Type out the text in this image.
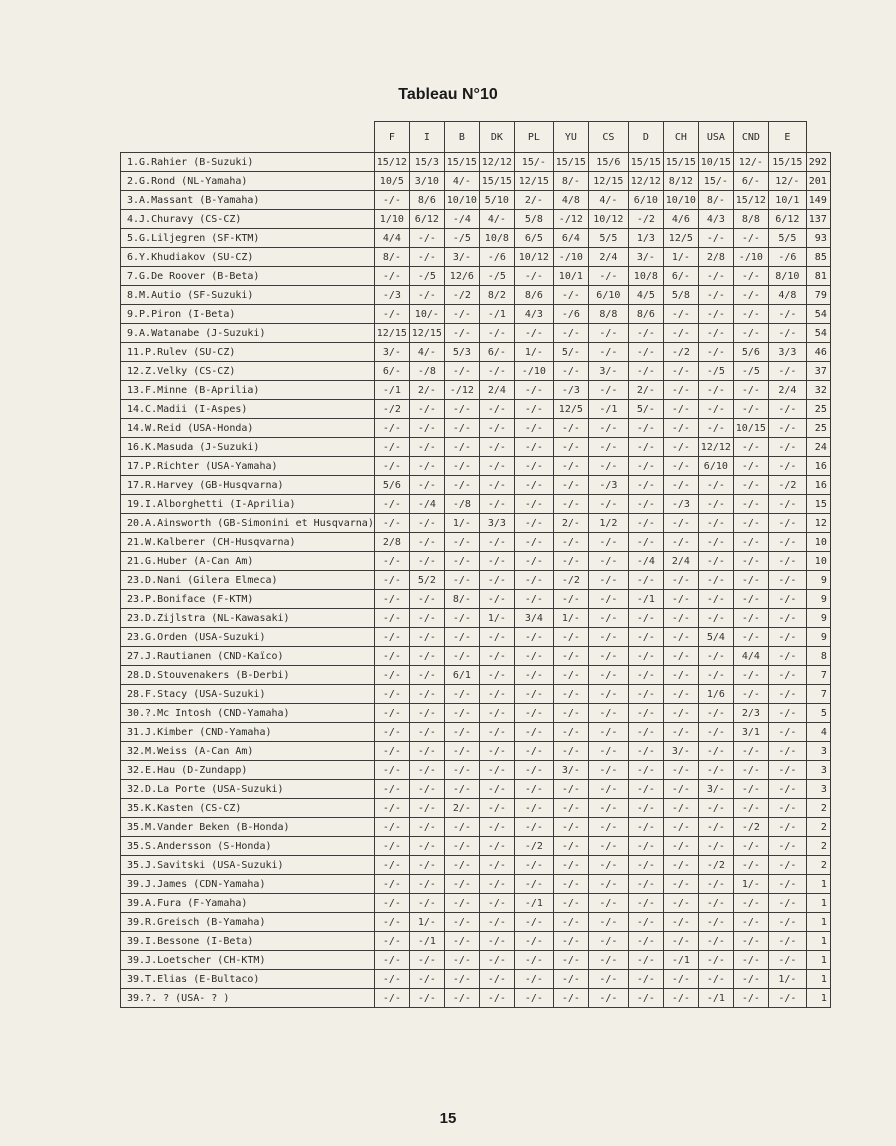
Tableau N°10
	F	I	B	DK	PL	YU	CS	D	CH	USA	CND	E	
1.G.Rahier (B-Suzuki)	15/12	15/3	15/15	12/12	15/-	15/15	15/6	15/15	15/15	10/15	12/-	15/15	292
2.G.Rond (NL-Yamaha)	10/5	3/10	4/-	15/15	12/15	8/-	12/15	12/12	8/12	15/-	6/-	12/-	201
3.A.Massant (B-Yamaha)	-/-	8/6	10/10	5/10	2/-	4/8	4/-	6/10	10/10	8/-	15/12	10/1	149
4.J.Churavy (CS-CZ)	1/10	6/12	-/4	4/-	5/8	-/12	10/12	-/2	4/6	4/3	8/8	6/12	137
5.G.Liljegren (SF-KTM)	4/4	-/-	-/5	10/8	6/5	6/4	5/5	1/3	12/5	-/-	-/-	5/5	93
6.Y.Khudiakov (SU-CZ)	8/-	-/-	3/-	-/6	10/12	-/10	2/4	3/-	1/-	2/8	-/10	-/6	85
7.G.De Roover (B-Beta)	-/-	-/5	12/6	-/5	-/-	10/1	-/-	10/8	6/-	-/-	-/-	8/10	81
8.M.Autio (SF-Suzuki)	-/3	-/-	-/2	8/2	8/6	-/-	6/10	4/5	5/8	-/-	-/-	4/8	79
9.P.Piron (I-Beta)	-/-	10/-	-/-	-/1	4/3	-/6	8/8	8/6	-/-	-/-	-/-	-/-	54
9.A.Watanabe (J-Suzuki)	12/15	12/15	-/-	-/-	-/-	-/-	-/-	-/-	-/-	-/-	-/-	-/-	54
11.P.Rulev (SU-CZ)	3/-	4/-	5/3	6/-	1/-	5/-	-/-	-/-	-/2	-/-	5/6	3/3	46
12.Z.Velky (CS-CZ)	6/-	-/8	-/-	-/-	-/10	-/-	3/-	-/-	-/-	-/5	-/5	-/-	37
13.F.Minne (B-Aprilia)	-/1	2/-	-/12	2/4	-/-	-/3	-/-	2/-	-/-	-/-	-/-	2/4	32
14.C.Madii (I-Aspes)	-/2	-/-	-/-	-/-	-/-	12/5	-/1	5/-	-/-	-/-	-/-	-/-	25
14.W.Reid (USA-Honda)	-/-	-/-	-/-	-/-	-/-	-/-	-/-	-/-	-/-	-/-	10/15	-/-	25
16.K.Masuda (J-Suzuki)	-/-	-/-	-/-	-/-	-/-	-/-	-/-	-/-	-/-	12/12	-/-	-/-	24
17.P.Richter (USA-Yamaha)	-/-	-/-	-/-	-/-	-/-	-/-	-/-	-/-	-/-	6/10	-/-	-/-	16
17.R.Harvey (GB-Husqvarna)	5/6	-/-	-/-	-/-	-/-	-/-	-/3	-/-	-/-	-/-	-/-	-/2	16
19.I.Alborghetti (I-Aprilia)	-/-	-/4	-/8	-/-	-/-	-/-	-/-	-/-	-/3	-/-	-/-	-/-	15
20.A.Ainsworth (GB-Simonini et Husqvarna)	-/-	-/-	1/-	3/3	-/-	2/-	1/2	-/-	-/-	-/-	-/-	-/-	12
21.W.Kalberer (CH-Husqvarna)	2/8	-/-	-/-	-/-	-/-	-/-	-/-	-/-	-/-	-/-	-/-	-/-	10
21.G.Huber (A-Can Am)	-/-	-/-	-/-	-/-	-/-	-/-	-/-	-/4	2/4	-/-	-/-	-/-	10
23.D.Nani (Gilera Elmeca)	-/-	5/2	-/-	-/-	-/-	-/2	-/-	-/-	-/-	-/-	-/-	-/-	9
23.P.Boniface (F-KTM)	-/-	-/-	8/-	-/-	-/-	-/-	-/-	-/1	-/-	-/-	-/-	-/-	9
23.D.Zijlstra (NL-Kawasaki)	-/-	-/-	-/-	1/-	3/4	1/-	-/-	-/-	-/-	-/-	-/-	-/-	9
23.G.Orden (USA-Suzuki)	-/-	-/-	-/-	-/-	-/-	-/-	-/-	-/-	-/-	5/4	-/-	-/-	9
27.J.Rautianen (CND-Kaïco)	-/-	-/-	-/-	-/-	-/-	-/-	-/-	-/-	-/-	-/-	4/4	-/-	8
28.D.Stouvenakers (B-Derbi)	-/-	-/-	6/1	-/-	-/-	-/-	-/-	-/-	-/-	-/-	-/-	-/-	7
28.F.Stacy (USA-Suzuki)	-/-	-/-	-/-	-/-	-/-	-/-	-/-	-/-	-/-	1/6	-/-	-/-	7
30.?.Mc Intosh (CND-Yamaha)	-/-	-/-	-/-	-/-	-/-	-/-	-/-	-/-	-/-	-/-	2/3	-/-	5
31.J.Kimber (CND-Yamaha)	-/-	-/-	-/-	-/-	-/-	-/-	-/-	-/-	-/-	-/-	3/1	-/-	4
32.M.Weiss (A-Can Am)	-/-	-/-	-/-	-/-	-/-	-/-	-/-	-/-	3/-	-/-	-/-	-/-	3
32.E.Hau (D-Zundapp)	-/-	-/-	-/-	-/-	-/-	3/-	-/-	-/-	-/-	-/-	-/-	-/-	3
32.D.La Porte (USA-Suzuki)	-/-	-/-	-/-	-/-	-/-	-/-	-/-	-/-	-/-	3/-	-/-	-/-	3
35.K.Kasten (CS-CZ)	-/-	-/-	2/-	-/-	-/-	-/-	-/-	-/-	-/-	-/-	-/-	-/-	2
35.M.Vander Beken (B-Honda)	-/-	-/-	-/-	-/-	-/-	-/-	-/-	-/-	-/-	-/-	-/2	-/-	2
35.S.Andersson (S-Honda)	-/-	-/-	-/-	-/-	-/2	-/-	-/-	-/-	-/-	-/-	-/-	-/-	2
35.J.Savitski (USA-Suzuki)	-/-	-/-	-/-	-/-	-/-	-/-	-/-	-/-	-/-	-/2	-/-	-/-	2
39.J.James (CDN-Yamaha)	-/-	-/-	-/-	-/-	-/-	-/-	-/-	-/-	-/-	-/-	1/-	-/-	1
39.A.Fura (F-Yamaha)	-/-	-/-	-/-	-/-	-/1	-/-	-/-	-/-	-/-	-/-	-/-	-/-	1
39.R.Greisch (B-Yamaha)	-/-	1/-	-/-	-/-	-/-	-/-	-/-	-/-	-/-	-/-	-/-	-/-	1
39.I.Bessone (I-Beta)	-/-	-/1	-/-	-/-	-/-	-/-	-/-	-/-	-/-	-/-	-/-	-/-	1
39.J.Loetscher (CH-KTM)	-/-	-/-	-/-	-/-	-/-	-/-	-/-	-/-	-/1	-/-	-/-	-/-	1
39.T.Elias (E-Bultaco)	-/-	-/-	-/-	-/-	-/-	-/-	-/-	-/-	-/-	-/-	-/-	1/-	1
39.?. ? (USA- ? )	-/-	-/-	-/-	-/-	-/-	-/-	-/-	-/-	-/-	-/1	-/-	-/-	1
15
